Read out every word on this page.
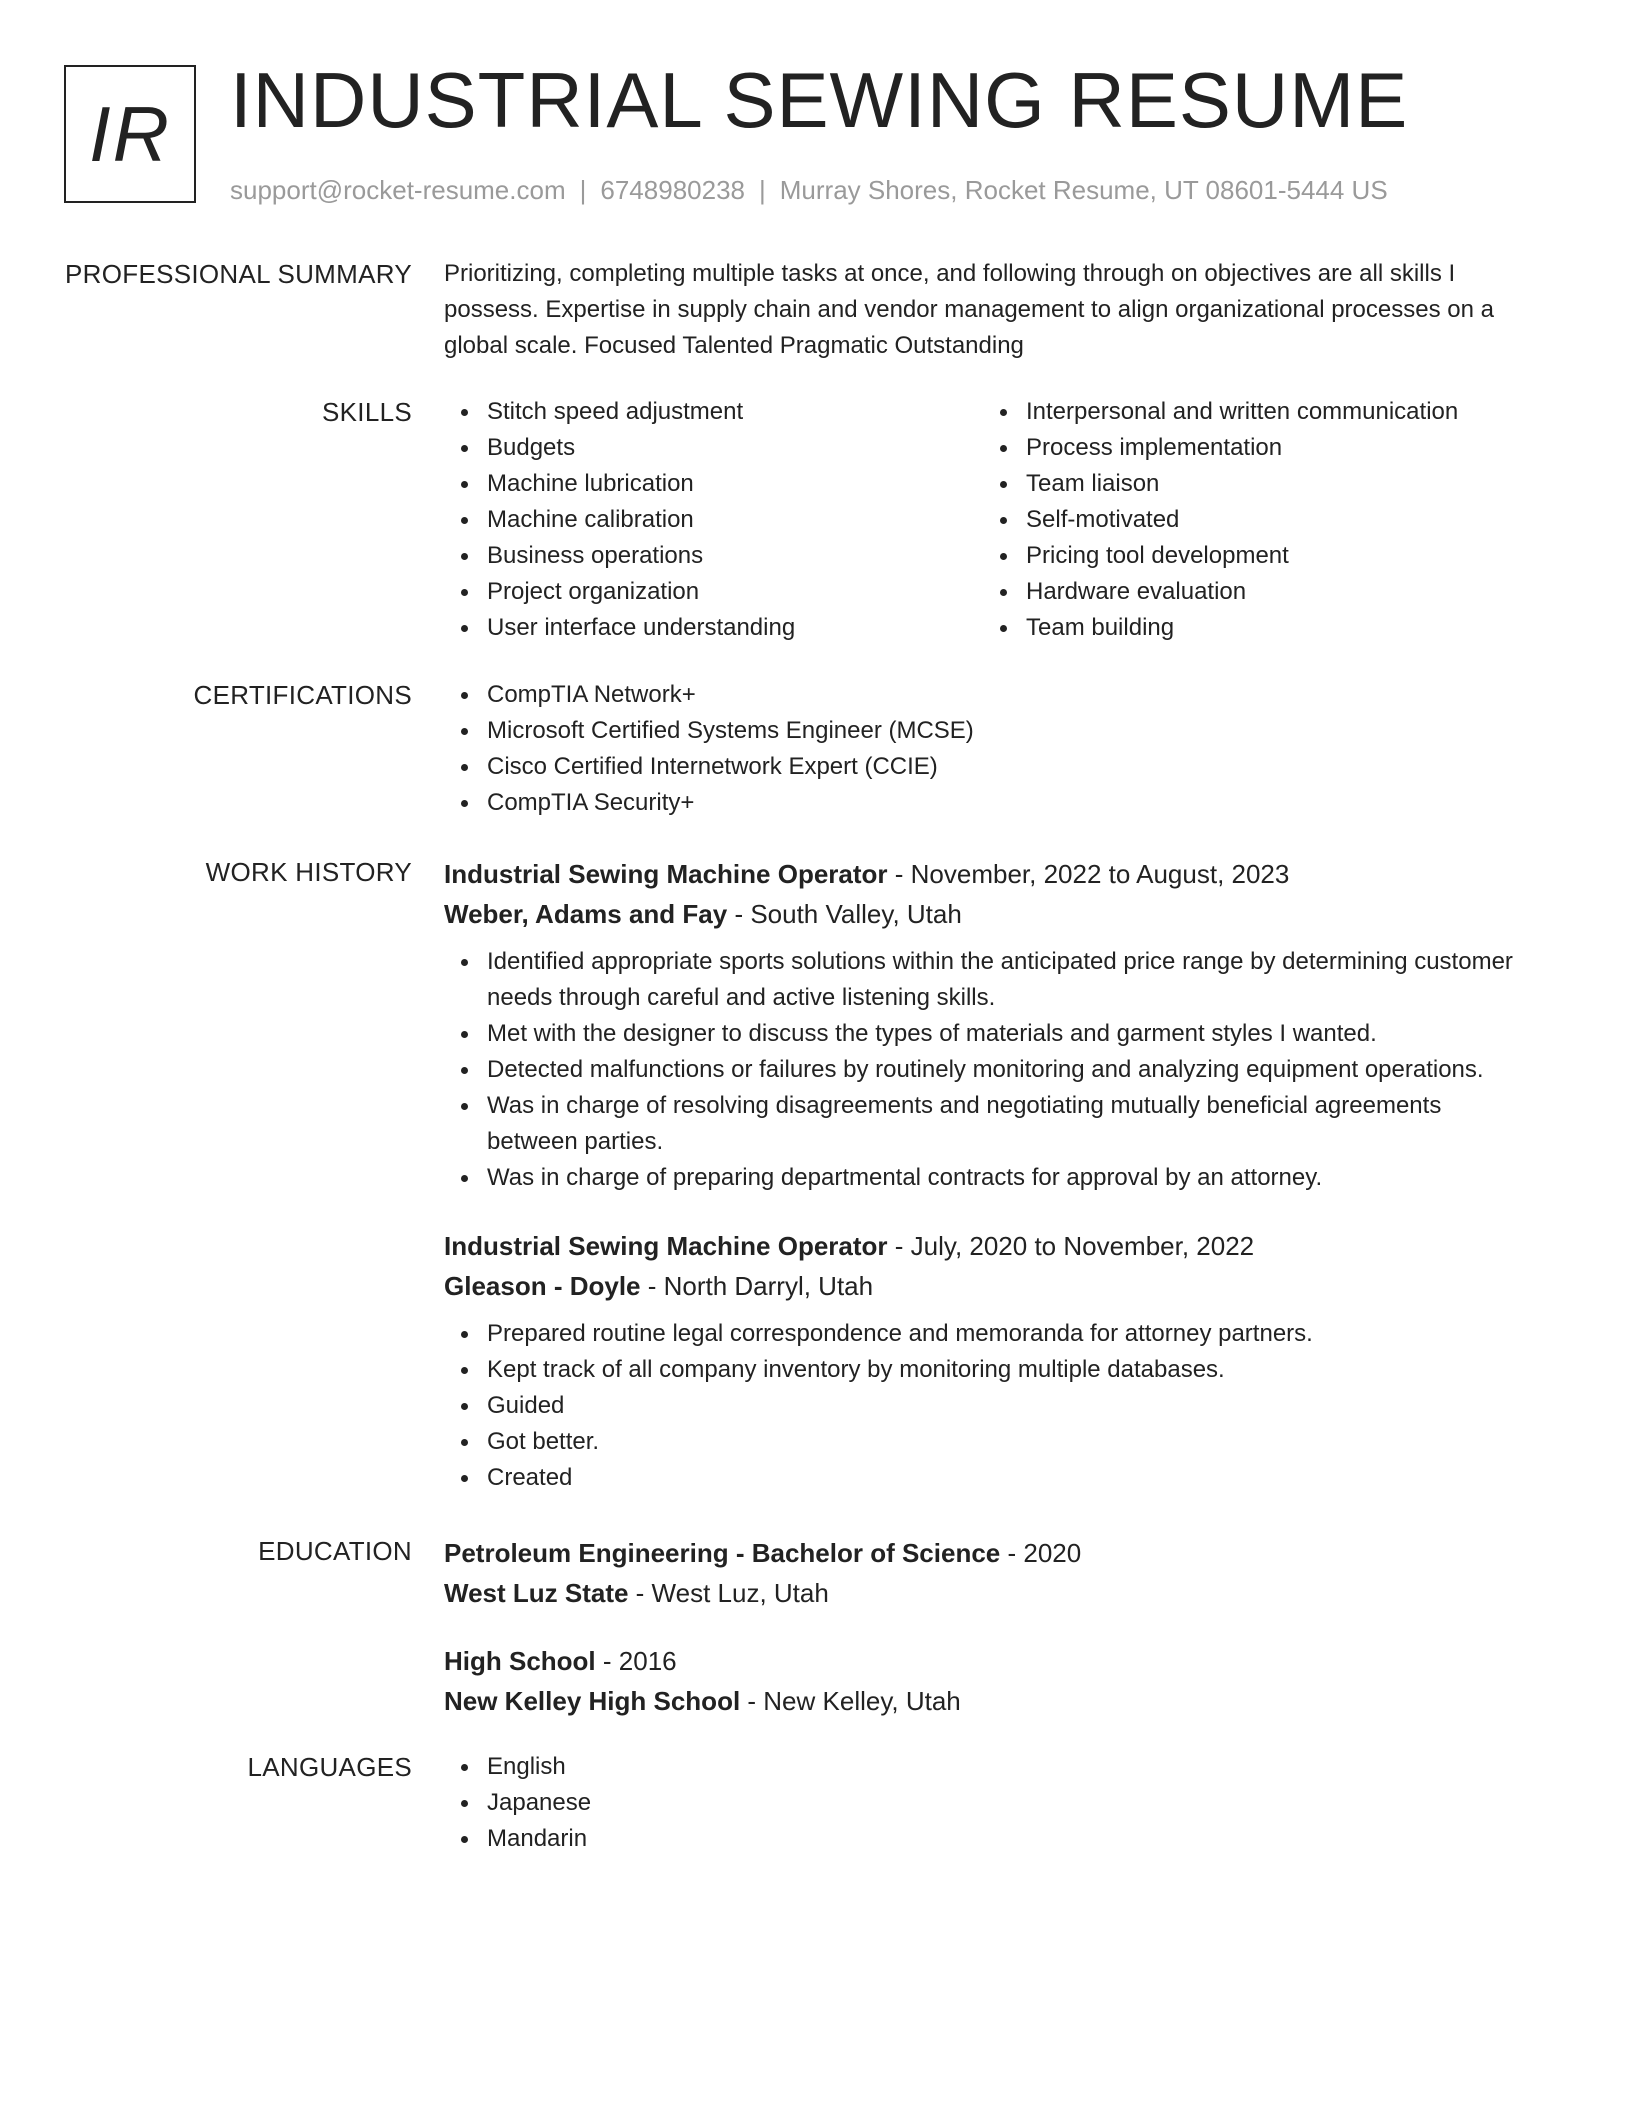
IR INDUSTRIAL SEWING RESUME
support@rocket-resume.com | 6748980238 | Murray Shores, Rocket Resume, UT 08601-5444 US
PROFESSIONAL SUMMARY Prioritizing, completing multiple tasks at once, and following through on objectives are all skills I possess. Expertise in supply chain and vendor management to align organizational processes on a global scale. Focused Talented Pragmatic Outstanding
SKILLS	Stitch speed adjustment
Budgets
Machine lubrication
Machine calibration
Business operations
Project organization
User interface understanding
Interpersonal and written communication
Process implementation
Team liaison
Self-motivated
Pricing tool development
Hardware evaluation
Team building
CERTIFICATIONS	CompTIA Network+
Microsoft Certified Systems Engineer (MCSE)
Cisco Certified Internetwork Expert (CCIE)
CompTIA Security+
WORK HISTORY Industrial Sewing Machine Operator - November, 2022 to August, 2023
Weber, Adams and Fay - South Valley, Utah
Identified appropriate sports solutions within the anticipated price range by determining customer needs through careful and active listening skills.
Met with the designer to discuss the types of materials and garment styles I wanted.
Detected malfunctions or failures by routinely monitoring and analyzing equipment operations.
Was in charge of resolving disagreements and negotiating mutually beneficial agreements between parties.
Was in charge of preparing departmental contracts for approval by an attorney.
Industrial Sewing Machine Operator - July, 2020 to November, 2022
Gleason - Doyle - North Darryl, Utah
Prepared routine legal correspondence and memoranda for attorney partners.
Kept track of all company inventory by monitoring multiple databases.
Guided
Got better.
Created
EDUCATION Petroleum Engineering - Bachelor of Science - 2020
West Luz State - West Luz, Utah
High School - 2016
New Kelley High School - New Kelley, Utah
LANGUAGES	English
Japanese
Mandarin
